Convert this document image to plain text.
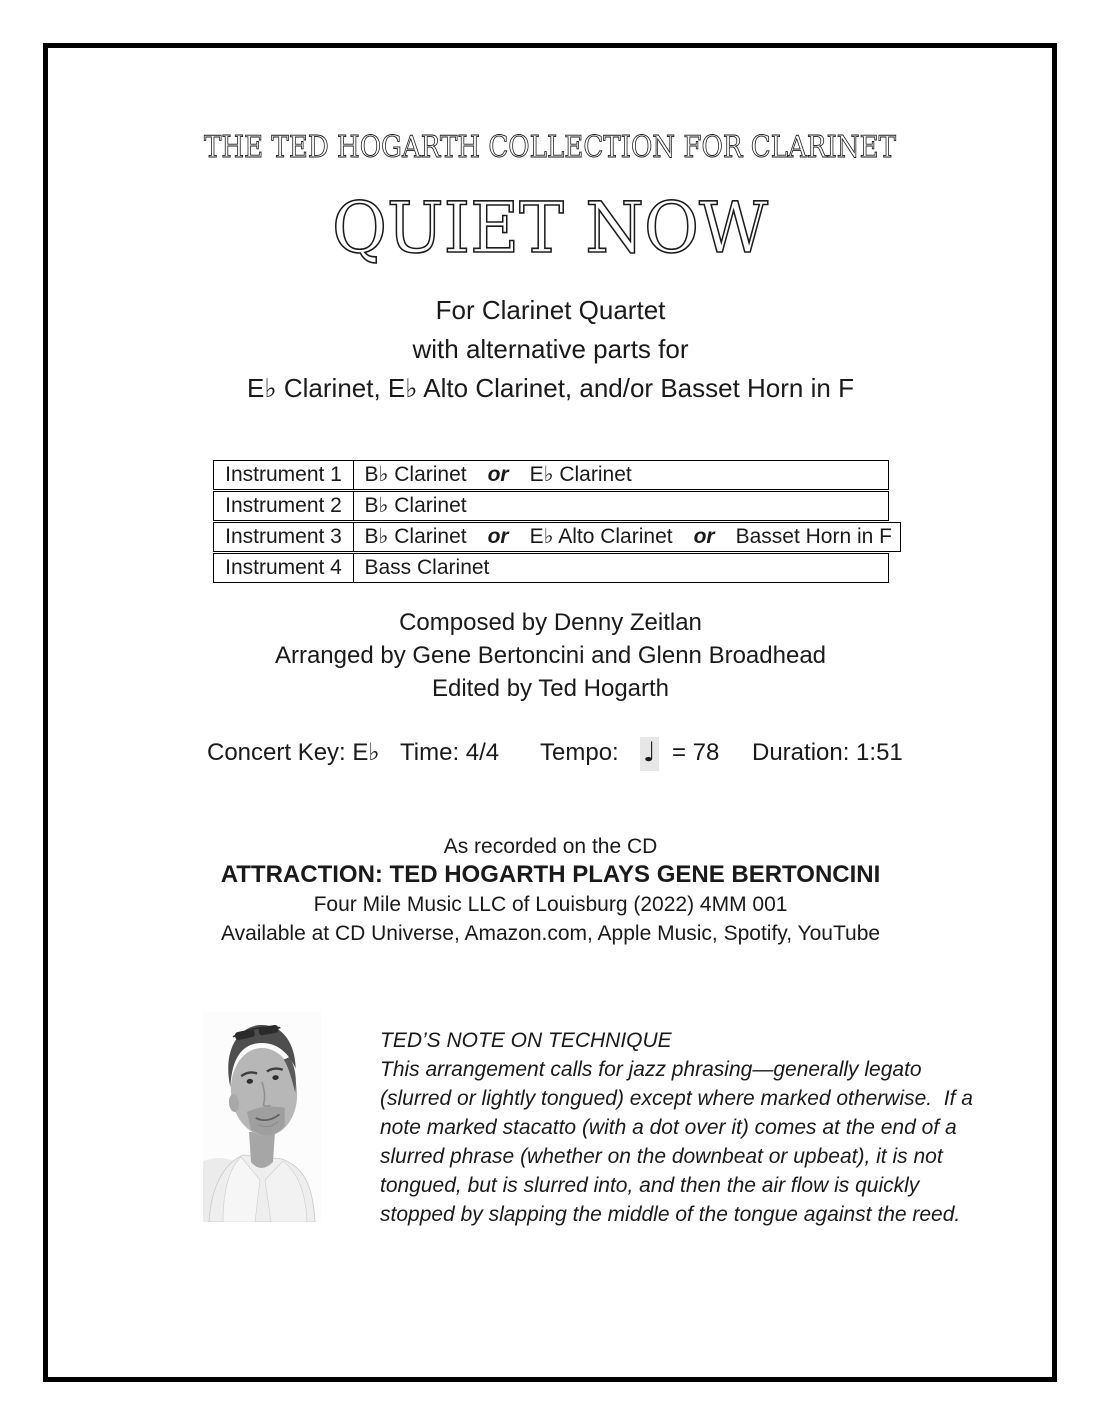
THE TED HOGARTH COLLECTION FOR CLARINET
QUIET NOW
For Clarinet Quartet
with alternative parts for
E♭ Clarinet, E♭ Alto Clarinet, and/or Basset Horn in F
Instrument 1	B♭ Clarinet or E♭ Clarinet
Instrument 2	B♭ Clarinet
Instrument 3	B♭ Clarinet or E♭ Alto Clarinet or Basset Horn in F
Instrument 4	Bass Clarinet
Composed by Denny Zeitlan
Arranged by Gene Bertoncini and Glenn Broadhead
Edited by Ted Hogarth
Concert Key: E♭ Time: 4/4 Tempo: ♩ = 78 Duration: 1:51
As recorded on the CD
ATTRACTION: TED HOGARTH PLAYS GENE BERTONCINI
Four Mile Music LLC of Louisburg (2022) 4MM 001
Available at CD Universe, Amazon.com, Apple Music, Spotify, YouTube
TED’S NOTE ON TECHNIQUE
This arrangement calls for jazz phrasing—generally legato (slurred or lightly tongued) except where marked otherwise.  If a note marked stacatto (with a dot over it) comes at the end of a slurred phrase (whether on the downbeat or upbeat), it is not tongued, but is slurred into, and then the air flow is quickly stopped by slapping the middle of the tongue against the reed.
